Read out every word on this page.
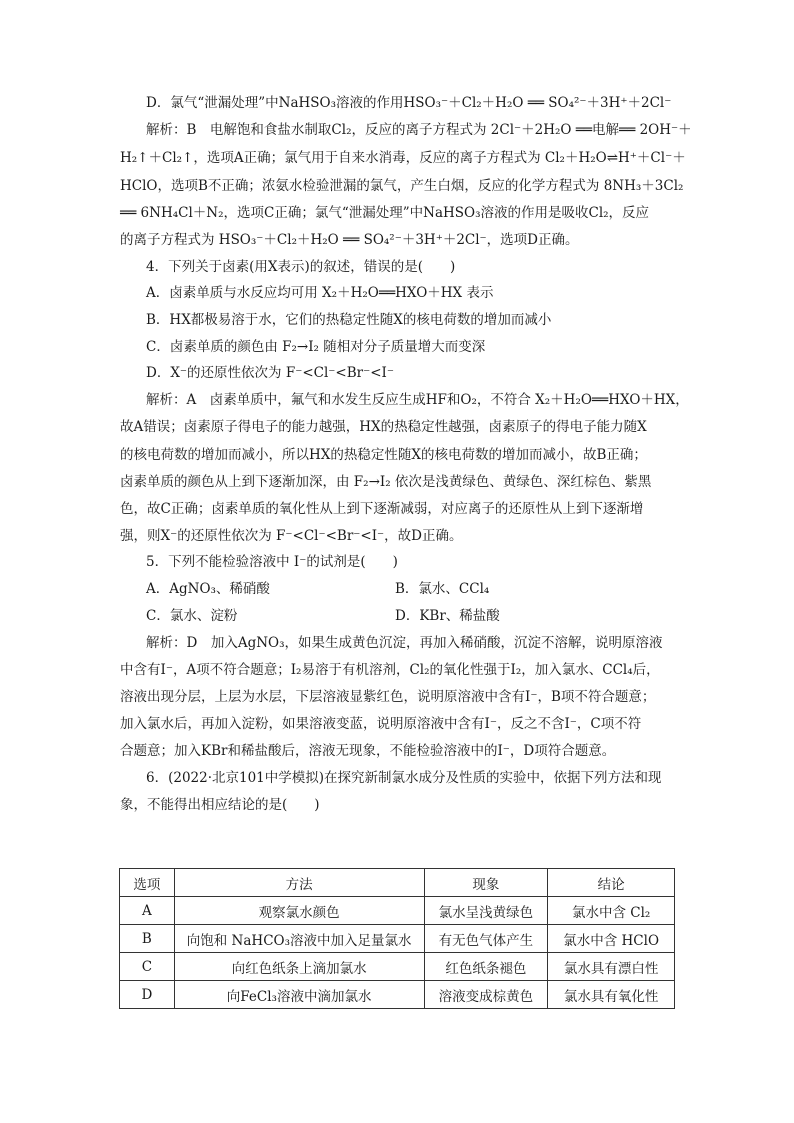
D．氯气“泄漏处理”中NaHSO₃溶液的作用HSO₃⁻＋Cl₂＋H₂O ══ SO₄²⁻＋3H⁺＋2Cl⁻
解析：B　电解饱和食盐水制取Cl₂，反应的离子方程式为 2Cl⁻＋2H₂O ══电解══ 2OH⁻＋
H₂↑＋Cl₂↑，选项A正确；氯气用于自来水消毒，反应的离子方程式为 Cl₂＋H₂O⇌H⁺＋Cl⁻＋
HClO，选项B不正确；浓氨水检验泄漏的氯气，产生白烟，反应的化学方程式为 8NH₃＋3Cl₂
══ 6NH₄Cl＋N₂，选项C正确；氯气“泄漏处理”中NaHSO₃溶液的作用是吸收Cl₂，反应
的离子方程式为 HSO₃⁻＋Cl₂＋H₂O ══ SO₄²⁻＋3H⁺＋2Cl⁻，选项D正确。
4．下列关于卤素(用X表示)的叙述，错误的是(　　)
A．卤素单质与水反应均可用 X₂＋H₂O══HXO＋HX 表示
B．HX都极易溶于水，它们的热稳定性随X的核电荷数的增加而减小
C．卤素单质的颜色由 F₂→I₂ 随相对分子质量增大而变深
D．X⁻的还原性依次为 F⁻<Cl⁻<Br⁻<I⁻
解析：A　卤素单质中，氟气和水发生反应生成HF和O₂，不符合 X₂＋H₂O══HXO＋HX，
故A错误；卤素原子得电子的能力越强，HX的热稳定性越强，卤素原子的得电子能力随X
的核电荷数的增加而减小，所以HX的热稳定性随X的核电荷数的增加而减小，故B正确；
卤素单质的颜色从上到下逐渐加深，由 F₂→I₂ 依次是浅黄绿色、黄绿色、深红棕色、紫黑
色，故C正确；卤素单质的氧化性从上到下逐渐减弱，对应离子的还原性从上到下逐渐增
强，则X⁻的还原性依次为 F⁻<Cl⁻<Br⁻<I⁻，故D正确。
5．下列不能检验溶液中 I⁻的试剂是(　　)
A．AgNO₃、稀硝酸	B．氯水、CCl₄
C．氯水、淀粉	D．KBr、稀盐酸
解析：D　加入AgNO₃，如果生成黄色沉淀，再加入稀硝酸，沉淀不溶解，说明原溶液
中含有I⁻，A项不符合题意；I₂易溶于有机溶剂，Cl₂的氧化性强于I₂，加入氯水、CCl₄后，
溶液出现分层，上层为水层，下层溶液显紫红色，说明原溶液中含有I⁻，B项不符合题意；
加入氯水后，再加入淀粉，如果溶液变蓝，说明原溶液中含有I⁻，反之不含I⁻，C项不符
合题意；加入KBr和稀盐酸后，溶液无现象，不能检验溶液中的I⁻，D项符合题意。
6．(2022·北京101中学模拟)在探究新制氯水成分及性质的实验中，依据下列方法和现
象，不能得出相应结论的是(　　)
选项	方法	现象	结论
A	观察氯水颜色	氯水呈浅黄绿色	氯水中含 Cl₂
B	向饱和 NaHCO₃溶液中加入足量氯水	有无色气体产生	氯水中含 HClO
C	向红色纸条上滴加氯水	红色纸条褪色	氯水具有漂白性
D	向FeCl₃溶液中滴加氯水	溶液变成棕黄色	氯水具有氧化性
